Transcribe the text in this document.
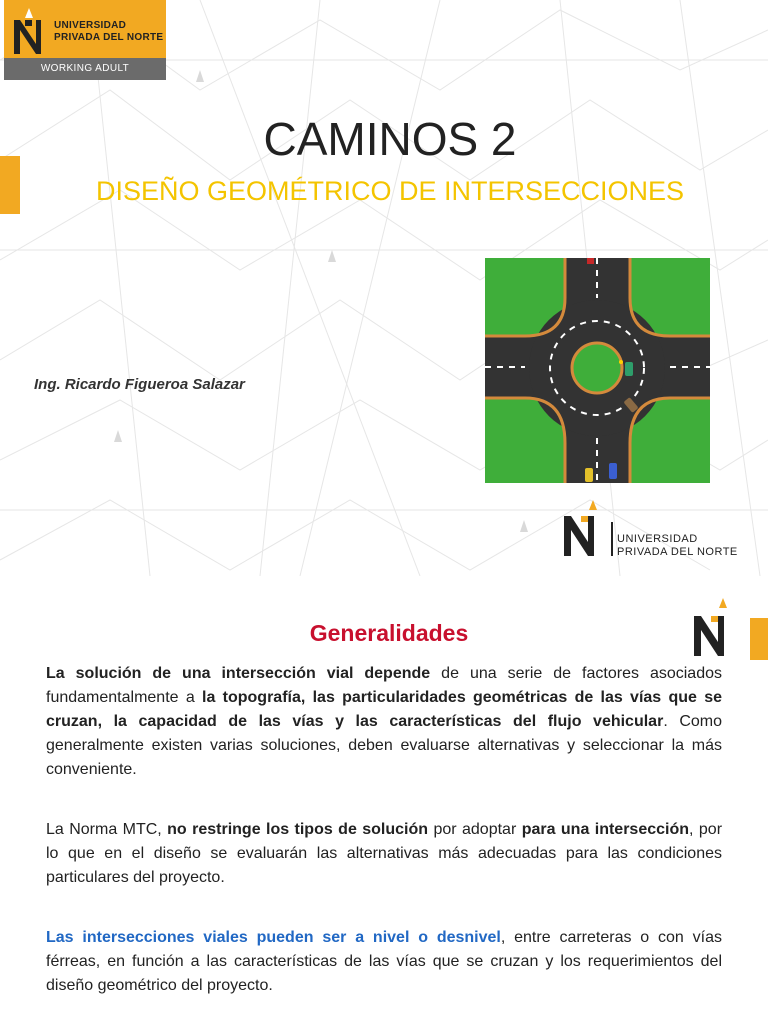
UNIVERSIDAD
PRIVADA DEL NORTE
WORKING ADULT
CAMINOS 2
DISEÑO GEOMÉTRICO DE INTERSECCIONES
Ing. Ricardo Figueroa Salazar
UNIVERSIDAD
PRIVADA DEL NORTE
Generalidades

La solución de una intersección vial depende de una serie de factores asociados fundamentalmente a la topografía, las particularidades geométricas de las vías que se cruzan, la capacidad de las vías y las características del flujo vehicular. Como generalmente existen varias soluciones, deben evaluarse alternativas y seleccionar la más conveniente.

La Norma MTC, no restringe los tipos de solución por adoptar para una intersección, por lo que en el diseño se evaluarán las alternativas más adecuadas para las condiciones particulares del proyecto.

Las intersecciones viales pueden ser a nivel o desnivel, entre carreteras o con vías férreas, en función a las características de las vías que se cruzan y los requerimientos del diseño geométrico del proyecto.
